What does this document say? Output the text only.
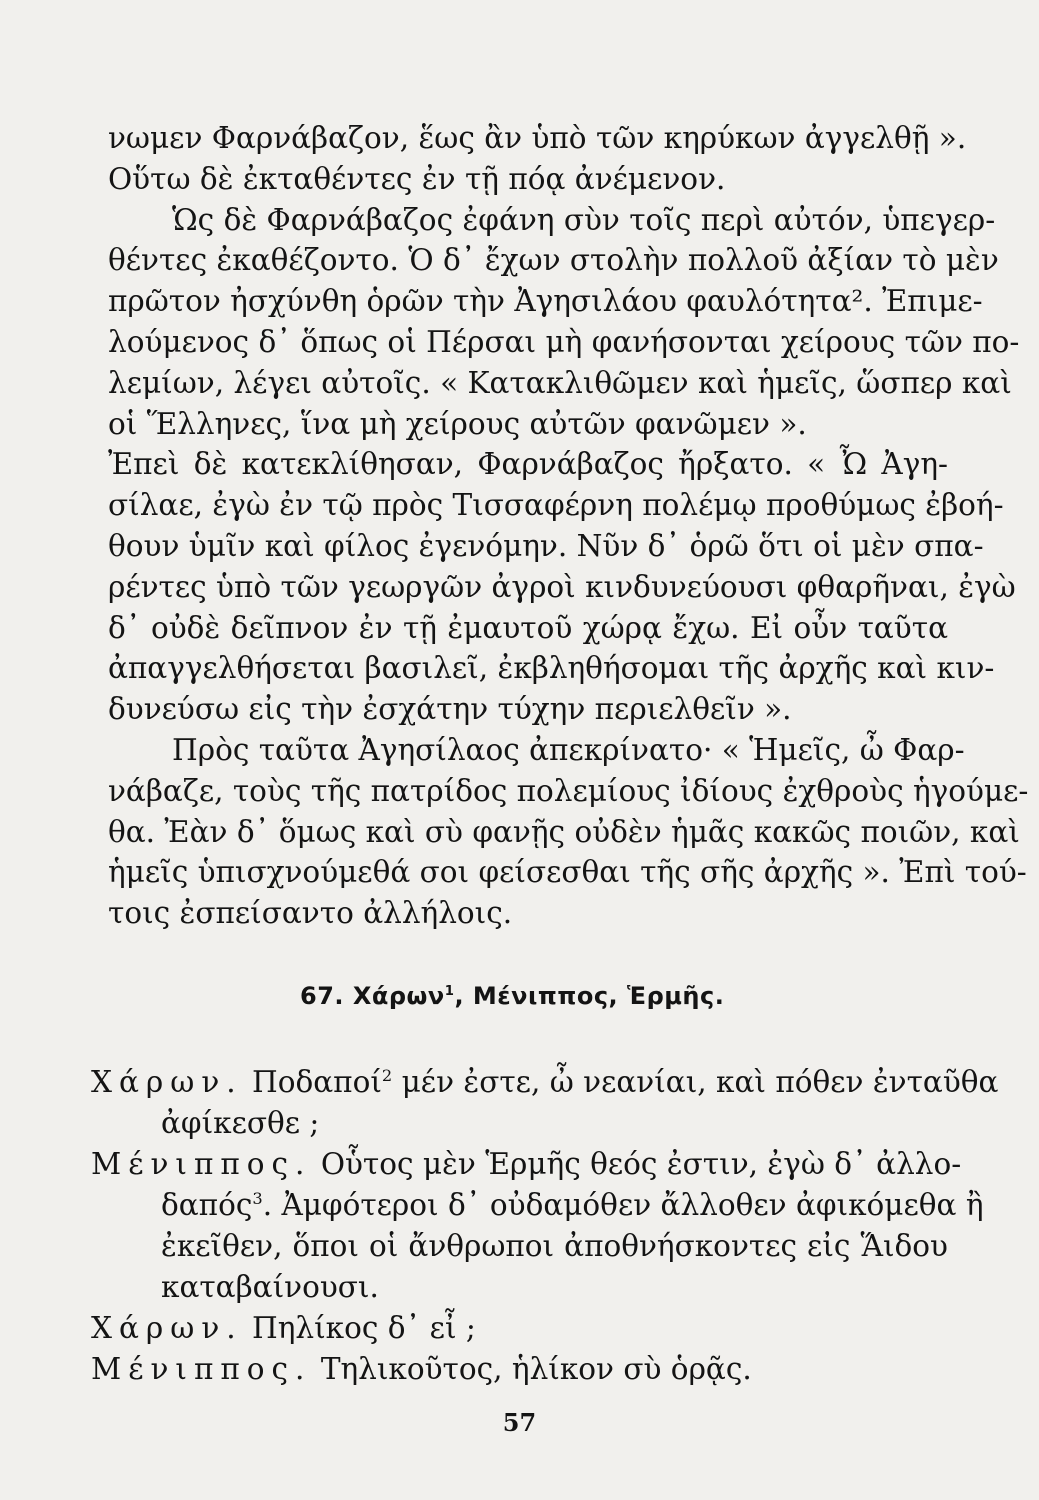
νωμεν Φαρνάβαζον, ἕως ἂν ὑπὸ τῶν κηρύκων ἀγγελθῇ ».
Οὕτω δὲ ἐκταθέντες ἐν τῇ πόᾳ ἀνέμενον.
Ὡς δὲ Φαρνάβαζος ἐφάνη σὺν τοῖς περὶ αὐτόν, ὑπεγερ-
θέντες ἐκαθέζοντο. Ὁ δ᾽ ἔχων στολὴν πολλοῦ ἀξίαν τὸ μὲν
πρῶτον ἠσχύνθη ὁρῶν τὴν Ἀγησιλάου φαυλότητα². Ἐπιμε-
λούμενος δ᾽ ὅπως οἱ Πέρσαι μὴ φανήσονται χείρους τῶν πο-
λεμίων, λέγει αὐτοῖς. « Κατακλιθῶμεν καὶ ἡμεῖς, ὥσπερ καὶ
οἱ Ἕλληνες, ἵνα μὴ χείρους αὐτῶν φανῶμεν ».
Ἐπεὶ δὲ κατεκλίθησαν, Φαρνάβαζος ἤρξατο. « Ὦ Ἀγη-
σίλαε, ἐγὼ ἐν τῷ πρὸς Τισσαφέρνη πολέμῳ προθύμως ἐβοή-
θουν ὑμῖν καὶ φίλος ἐγενόμην. Νῦν δ᾽ ὁρῶ ὅτι οἱ μὲν σπα-
ρέντες ὑπὸ τῶν γεωργῶν ἀγροὶ κινδυνεύουσι φθαρῆναι, ἐγὼ
δ᾽ οὐδὲ δεῖπνον ἐν τῇ ἐμαυτοῦ χώρᾳ ἔχω. Εἰ οὖν ταῦτα
ἀπαγγελθήσεται βασιλεῖ, ἐκβληθήσομαι τῆς ἀρχῆς καὶ κιν-
δυνεύσω εἰς τὴν ἐσχάτην τύχην περιελθεῖν ».
Πρὸς ταῦτα Ἀγησίλαος ἀπεκρίνατο· « Ἡμεῖς, ὦ Φαρ-
νάβαζε, τοὺς τῆς πατρίδος πολεμίους ἰδίους ἐχθροὺς ἡγούμε-
θα. Ἐὰν δ᾽ ὅμως καὶ σὺ φανῇς οὐδὲν ἡμᾶς κακῶς ποιῶν, καὶ
ἡμεῖς ὑπισχνούμεθά σοι φείσεσθαι τῆς σῆς ἀρχῆς ». Ἐπὶ τού-
τοις ἐσπείσαντο ἀλλήλοις.
67. Χάρων$^1$, Μένιππος, Ἑρμῆς.
Χάρων. Ποδαποί$^2$ μέν ἐστε, ὦ νεανίαι, καὶ πόθεν ἐνταῦθα
ἀφίκεσθε ;
Μένιππος. Οὗτος μὲν Ἑρμῆς θεός ἐστιν, ἐγὼ δ᾽ ἀλλο-
δαπός$^3$. Ἀμφότεροι δ᾽ οὐδαμόθεν ἄλλοθεν ἀφικόμεθα ἢ
ἐκεῖθεν, ὅποι οἱ ἄνθρωποι ἀποθνήσκοντες εἰς Ἅιδου
καταβαίνουσι.
Χάρων. Πηλίκος δ᾽ εἶ ;
Μένιππος. Τηλικοῦτος, ἡλίκον σὺ ὁρᾷς.
57
